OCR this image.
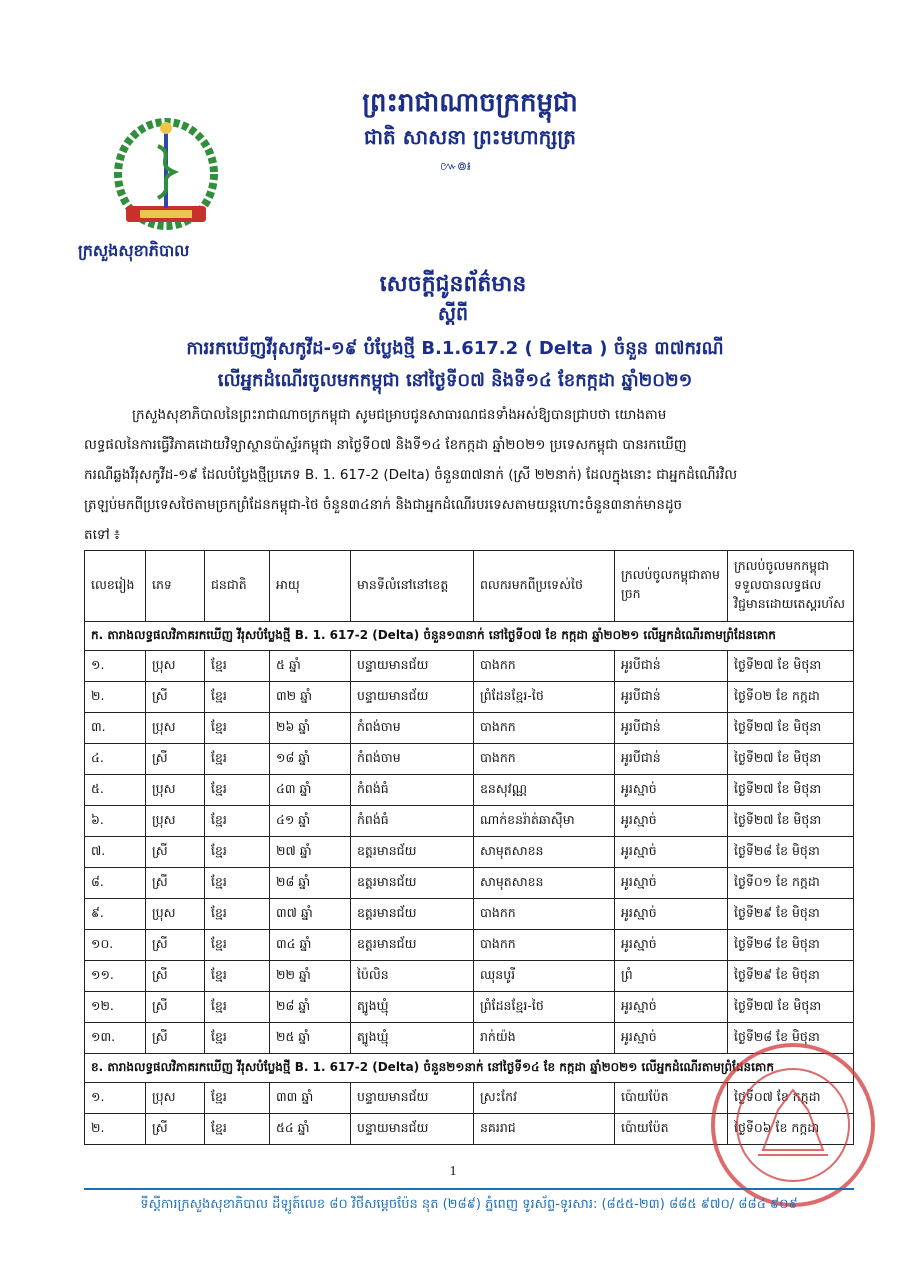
ព្រះរាជាណាចក្រកម្ពុជា
ជាតិ សាសនា ព្រះមហាក្សត្រ
៚៙៛
ក្រសួងសុខាភិបាល
សេចក្ដីជូនព័ត៌មាន
ស្ដីពី
ការរកឃើញវីរុសកូវីដ-១៩ បំប្លែងថ្មី B.1.617.2 ( Delta ) ចំនួន ៣៧ករណី
លើអ្នកដំណើរចូលមកកម្ពុជា នៅថ្ងៃទី០៧ និងទី១៤ ខែកក្កដា ឆ្នាំ២០២១
ក្រសួងសុខាភិបាលនៃព្រះរាជាណាចក្រកម្ពុជា សូមជម្រាបជូនសាធារណជនទាំងអស់ឱ្យបានជ្រាបថា យោងតាម
លទ្ធផលនៃការធ្វើវិភាគដោយវិទ្យាស្ថានប៉ាស្ទ័រកម្ពុជា នាថ្ងៃទី០៧ និងទី១៤ ខែកក្កដា ឆ្នាំ២០២១ ប្រទេសកម្ពុជា បានរកឃើញ
ករណីឆ្លងវីរុសកូវីដ-១៩ ដែលបំប្លែងថ្មីប្រភេទ B. 1. 617-2 (Delta) ចំនួន៣៧នាក់ (ស្រី ២២នាក់) ដែលក្នុងនោះ ជាអ្នកដំណើរវិល
ត្រឡប់មកពីប្រទេសថៃតាមច្រកព្រំដែនកម្ពុជា-ថៃ ចំនួន៣៤នាក់ និងជាអ្នកដំណើរបរទេសតាមយន្ដហោះចំនួន៣នាក់មានដូច
តទៅ ៖
លេខរៀង	ភេទ	ជនជាតិ	អាយុ	មានទីលំនៅនៅខេត្ត	ពលករមកពីប្រទេស់ថៃ	ក្រលប់ចូលកម្ពុជាតាមច្រក	ក្រលប់ចូលមកកម្ពុជាទទួលបានលទ្ធផលវិជ្ជមានដោយតេស្តរហ័ស
ក. តារាងលទ្ធផលវិភាគរកឃើញ វីរុសបំប្លែងថ្មី B. 1. 617-2 (Delta) ចំនួន១៣នាក់ នៅថ្ងៃទី០៧ ខែ កក្កដា ឆ្នាំ២០២១ លើអ្នកដំណើរតាមព្រំដែនគោក							
១.	ប្រុស	ខ្មែរ	៥ ឆ្នាំ	បន្ទាយមានជ័យ	បាងកក	អូរបីជាន់	ថ្ងៃទី២៧ ខែ មិថុនា
២.	ស្រី	ខ្មែរ	៣២ ឆ្នាំ	បន្ទាយមានជ័យ	ព្រំដែនខ្មែរ-ថៃ	អូរបីជាន់	ថ្ងៃទី០២ ខែ កក្កដា
៣.	ប្រុស	ខ្មែរ	២៦ ឆ្នាំ	កំពង់ចាម	បាងកក	អូរបីជាន់	ថ្ងៃទី២៧ ខែ មិថុនា
៤.	ស្រី	ខ្មែរ	១៨ ឆ្នាំ	កំពង់ចាម	បាងកក	អូរបីជាន់	ថ្ងៃទី២៧ ខែ មិថុនា
៥.	ប្រុស	ខ្មែរ	៤៣ ឆ្នាំ	កំពង់ធំ	ឧនសុវណ្ណ	អូរស្មាច់	ថ្ងៃទី២៧ ខែ មិថុនា
៦.	ប្រុស	ខ្មែរ	៤១ ឆ្នាំ	កំពង់ធំ	ណាក់ខនរ៉ាត់ឆាស៊ីមា	អូរស្មាច់	ថ្ងៃទី២៧ ខែ មិថុនា
៧.	ស្រី	ខ្មែរ	២៧ ឆ្នាំ	ឧត្ដរមានជ័យ	សាមុតសាខន	អូរស្មាច់	ថ្ងៃទី២៨ ខែ មិថុនា
៨.	ស្រី	ខ្មែរ	២៨ ឆ្នាំ	ឧត្ដរមានជ័យ	សាមុតសាខន	អូរស្មាច់	ថ្ងៃទី០១ ខែ កក្កដា
៩.	ប្រុស	ខ្មែរ	៣៧ ឆ្នាំ	ឧត្ដរមានជ័យ	បាងកក	អូរស្មាច់	ថ្ងៃទី២៩ ខែ មិថុនា
១០.	ស្រី	ខ្មែរ	៣៤ ឆ្នាំ	ឧត្ដរមានជ័យ	បាងកក	អូរស្មាច់	ថ្ងៃទី២៨ ខែ មិថុនា
១១.	ស្រី	ខ្មែរ	២២ ឆ្នាំ	ប៉ៃលិន	ឈុនបូរី	ព្រំ	ថ្ងៃទី២៩ ខែ មិថុនា
១២.	ស្រី	ខ្មែរ	២៨ ឆ្នាំ	ត្បូងឃ្មុំ	ព្រំដែនខ្មែរ-ថៃ	អូរស្មាច់	ថ្ងៃទី២៧ ខែ មិថុនា
១៣.	ស្រី	ខ្មែរ	២៥ ឆ្នាំ	ត្បូងឃ្មុំ	រាក់យ៉ង	អូរស្មាច់	ថ្ងៃទី២៨ ខែ មិថុនា
ខ. តារាងលទ្ធផលវិភាគរកឃើញ វីរុសបំប្លែងថ្មី B. 1. 617-2 (Delta) ចំនួន២១នាក់ នៅថ្ងៃទី១៤ ខែ កក្កដា ឆ្នាំ២០២១ លើអ្នកដំណើរតាមព្រំដែនគោក							
១.	ប្រុស	ខ្មែរ	៣៣ ឆ្នាំ	បន្ទាយមានជ័យ	ស្រះកែវ	ប៉ោយប៉ែត	ថ្ងៃទី០៧ ខែ កក្កដា
២.	ស្រី	ខ្មែរ	៥៤ ឆ្នាំ	បន្ទាយមានជ័យ	នគររាជ	ប៉ោយប៉ែត	ថ្ងៃទី០៦ ខែ កក្កដា
1
ទីស្ដីការក្រសួងសុខាភិបាល ដីឡូត៍លេខ ៨០ វិថីសម្ដេចប៉ែន នុត (២៨៩) ភ្នំពេញ ទូរស័ព្ទ-ទូរសារ: (៨៥៥-២៣) ៨៨៥ ៩៧០/ ៨៨៤ ៩០៩
